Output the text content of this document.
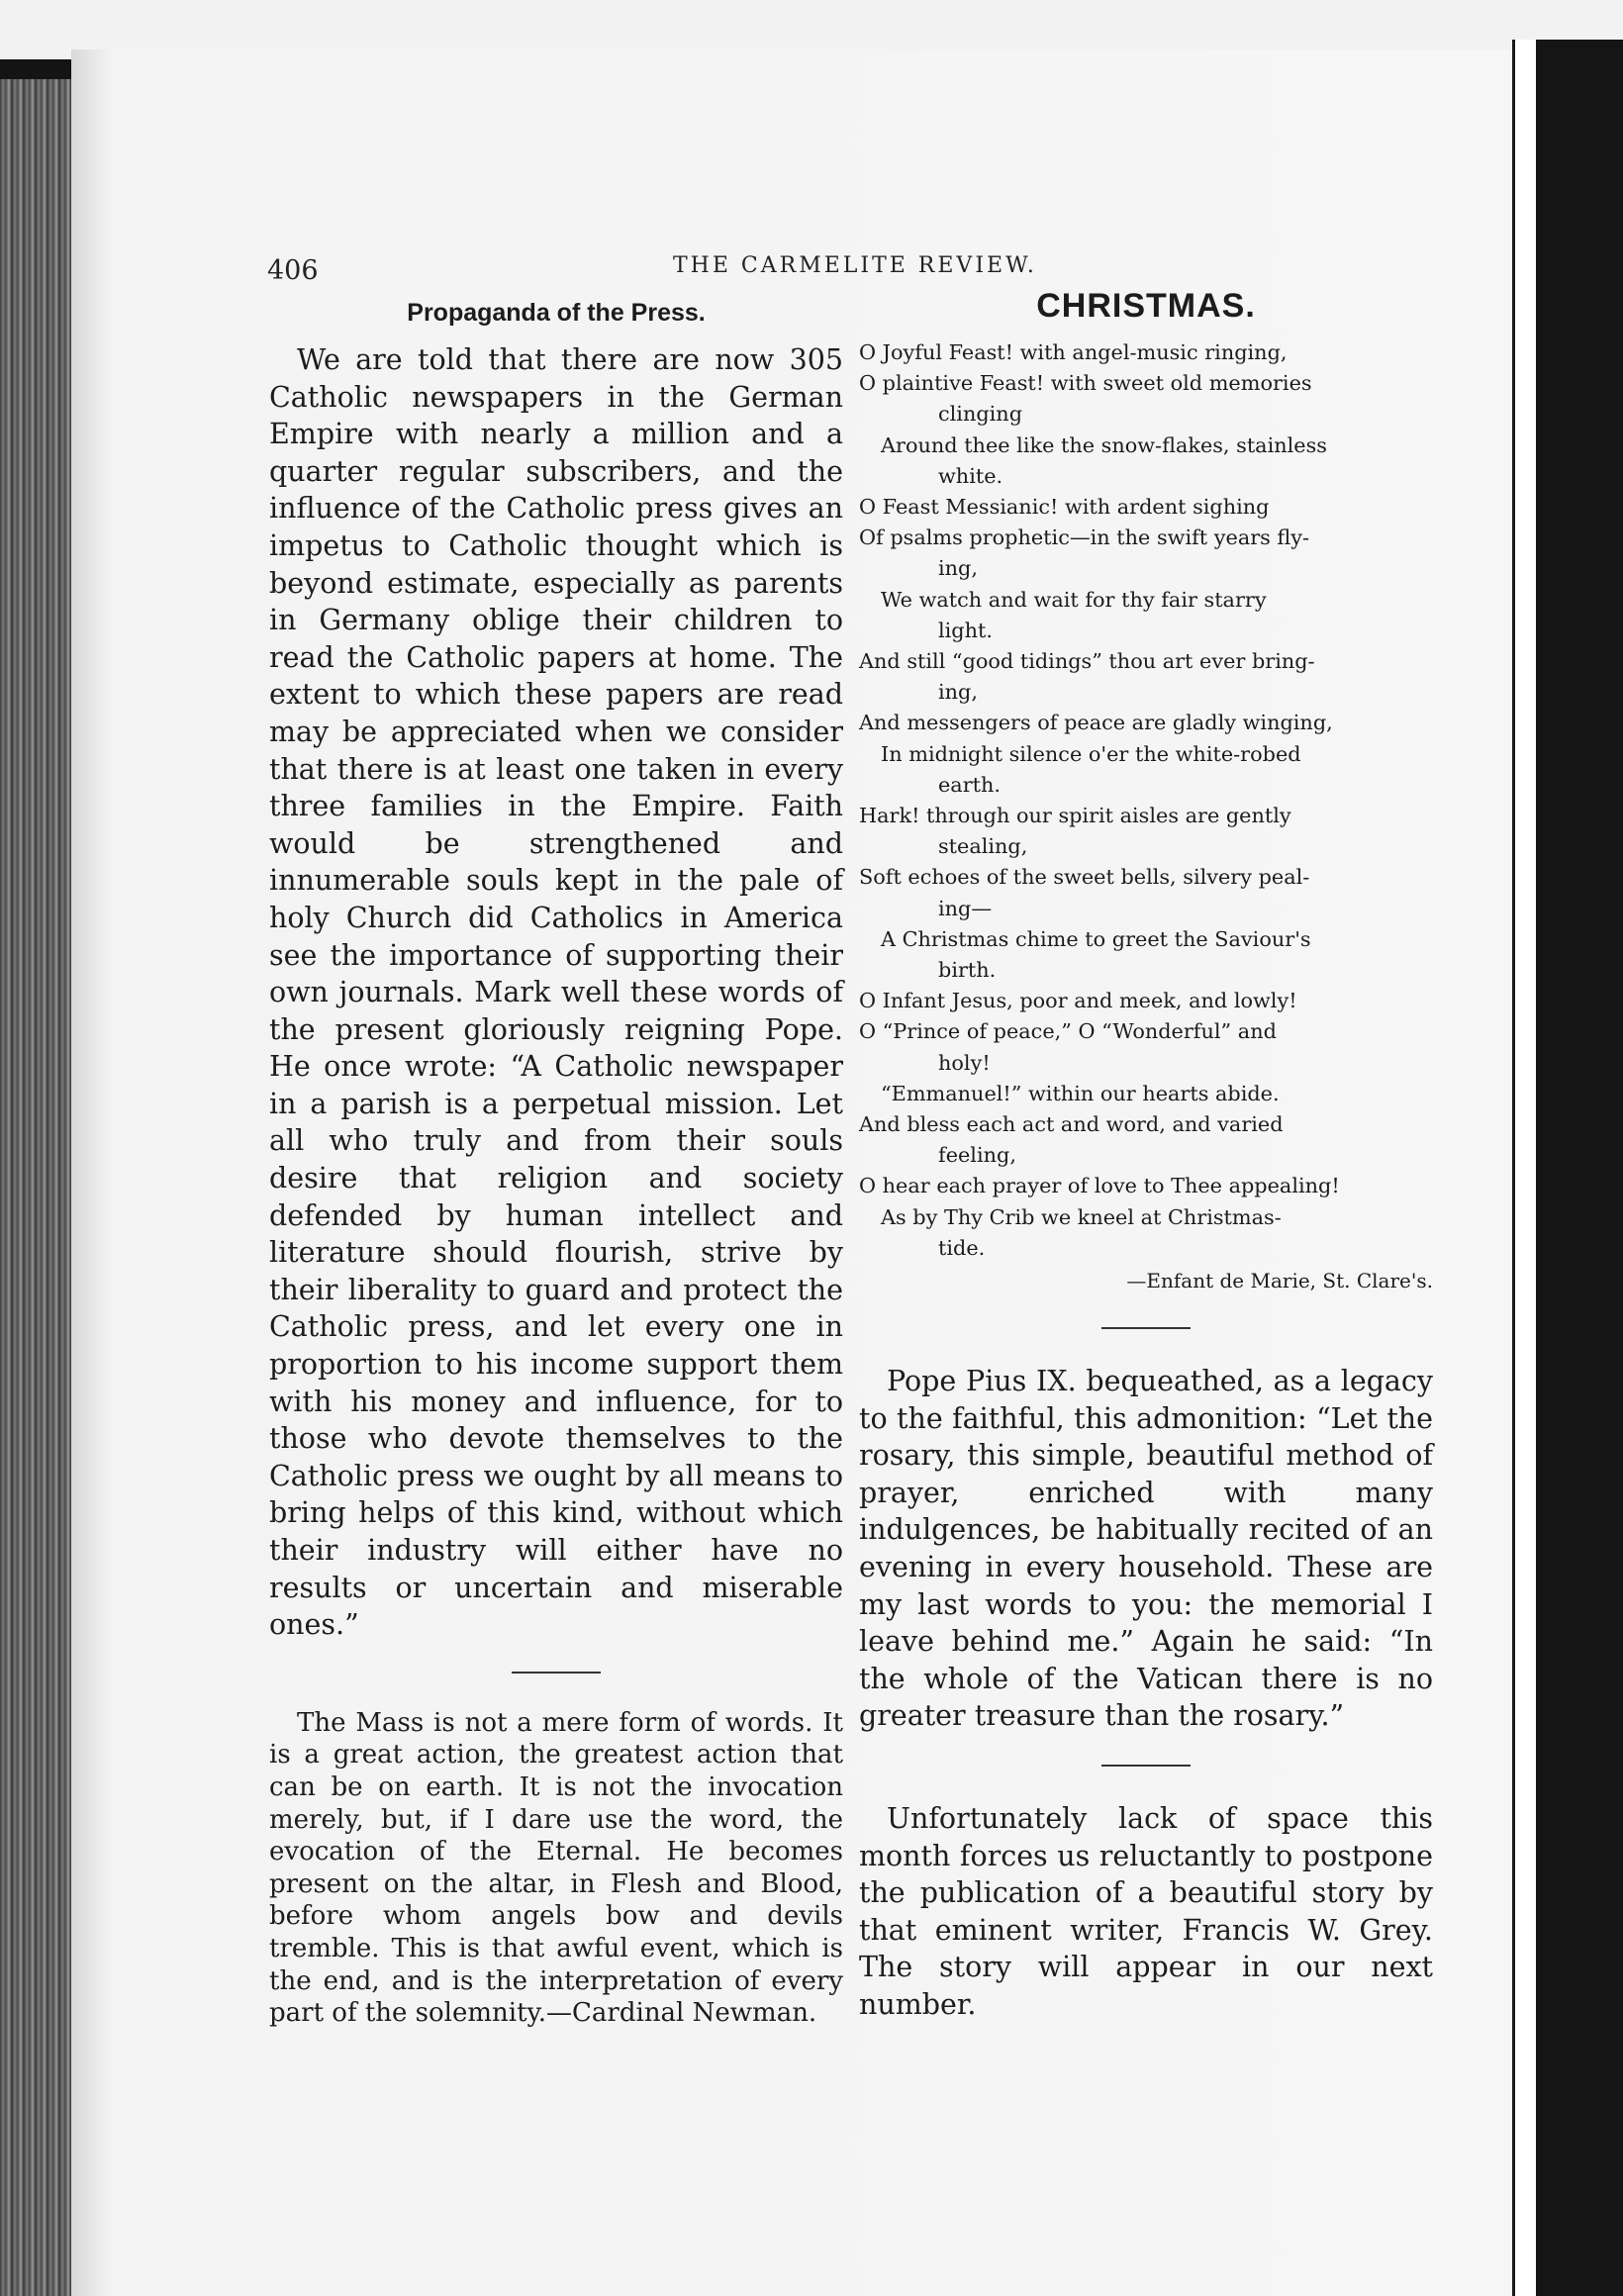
406	THE CARMELITE REVIEW.
Propaganda of the Press.

We are told that there are now 305 Catholic newspapers in the German Empire with nearly a million and a quarter regular subscribers, and the influence of the Catholic press gives an impetus to Catholic thought which is beyond estimate, especially as parents in Germany oblige their children to read the Catholic papers at home. The extent to which these papers are read may be appreciated when we consider that there is at least one taken in every three families in the Empire. Faith would be strengthened and innumerable souls kept in the pale of holy Church did Catholics in America see the importance of supporting their own journals. Mark well these words of the present gloriously reigning Pope. He once wrote: “A Catholic newspaper in a parish is a perpetual mission. Let all who truly and from their souls desire that religion and society defended by human intellect and literature should flourish, strive by their liberality to guard and protect the Catholic press, and let every one in proportion to his income support them with his money and influence, for to those who devote themselves to the Catholic press we ought by all means to bring helps of this kind, without which their industry will either have no results or uncertain and miserable ones.”

The Mass is not a mere form of words. It is a great action, the greatest action that can be on earth. It is not the invocation merely, but, if I dare use the word, the evocation of the Eternal. He becomes present on the altar, in Flesh and Blood, before whom angels bow and devils tremble. This is that awful event, which is the end, and is the interpretation of every part of the solemnity.—Cardinal Newman.

CHRISTMAS.

O Joyful Feast! with angel-music ringing,

O plaintive Feast! with sweet old memories

clinging

Around thee like the snow-flakes, stainless

white.

O Feast Messianic! with ardent sighing

Of psalms prophetic—in the swift years fly-

ing,

We watch and wait for thy fair starry

light.

And still “good tidings” thou art ever bring-

ing,

And messengers of peace are gladly winging,

In midnight silence o'er the white-robed

earth.

Hark! through our spirit aisles are gently

stealing,

Soft echoes of the sweet bells, silvery peal-

ing—

A Christmas chime to greet the Saviour's

birth.

O Infant Jesus, poor and meek, and lowly!

O “Prince of peace,” O “Wonderful” and

holy!

“Emmanuel!” within our hearts abide.

And bless each act and word, and varied

feeling,

O hear each prayer of love to Thee appealing!

As by Thy Crib we kneel at Christmas-

tide.

—Enfant de Marie, St. Clare's.

Pope Pius IX. bequeathed, as a legacy to the faithful, this admonition: “Let the rosary, this simple, beautiful method of prayer, enriched with many indulgences, be habitually recited of an evening in every household. These are my last words to you: the memorial I leave behind me.” Again he said: “In the whole of the Vatican there is no greater treasure than the rosary.”

Unfortunately lack of space this month forces us reluctantly to postpone the publication of a beautiful story by that eminent writer, Francis W. Grey. The story will appear in our next number.
